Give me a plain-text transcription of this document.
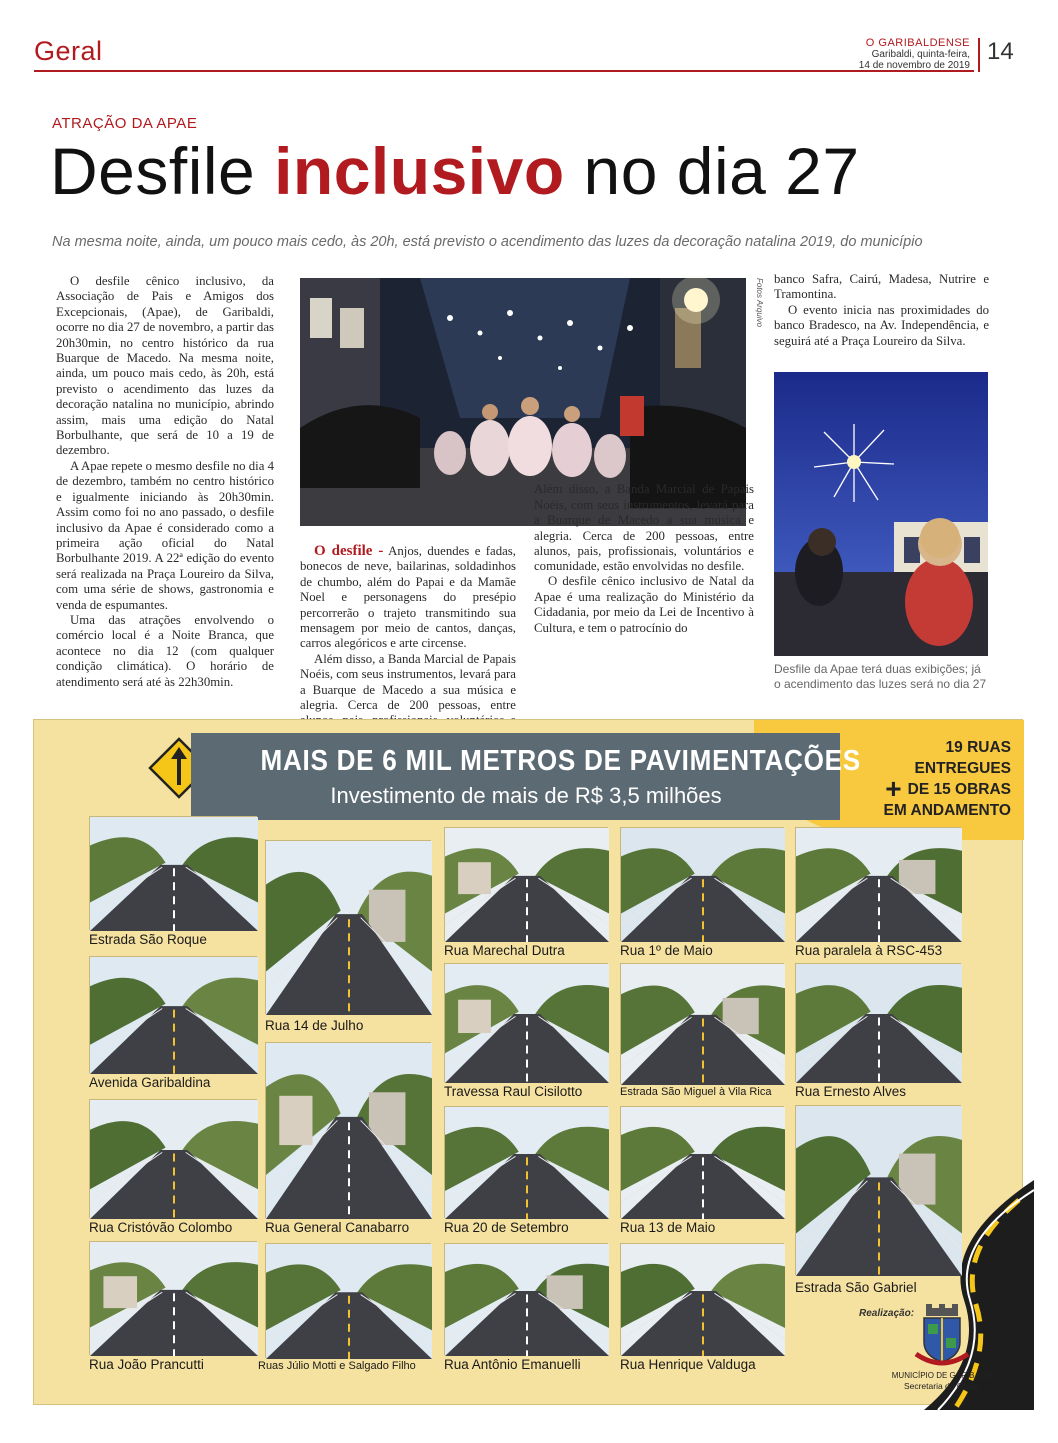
Geral	O GARIBALDENSE
Garibaldi, quinta-feira,
14 de novembro de 2019
14
ATRAÇÃO DA APAE
Desfile inclusivo no dia 27
Na mesma noite, ainda, um pouco mais cedo, às 20h, está previsto o acendimento das luzes da decoração natalina 2019, do município

O desfile cênico inclusivo, da Associação de Pais e Amigos dos Excepcionais, (Apae), de Garibaldi, ocorre no dia 27 de novembro, a partir das 20h30min, no centro histórico da rua Buarque de Macedo. Na mesma noite, ainda, um pouco mais cedo, às 20h, está previsto o acendimento das luzes da decoração natalina no município, abrindo assim, mais uma edição do Natal Borbulhante, que será de 10 a 19 de dezembro.

A Apae repete o mesmo desfile no dia 4 de dezembro, também no centro histórico e igualmente iniciando às 20h30min. Assim como foi no ano passado, o desfile inclusivo da Apae é considerado como a primeira ação oficial do Natal Borbulhante 2019. A 22ª edição do evento será realizada na Praça Loureiro da Silva, com uma série de shows, gastronomia e venda de espumantes.

Uma das atrações envolvendo o comércio local é a Noite Branca, que acontece no dia 12 (com qualquer condição climática). O horário de atendimento será até às 22h30min.

Fotos Arquivo

O desfile - Anjos, duendes e fadas, bonecos de neve, bailarinas, soldadinhos de chumbo, além do Papai e da Mamãe Noel e personagens do presépio percorrerão o trajeto transmitindo sua mensagem por meio de cantos, danças, carros alegóricos e arte circense.

Além disso, a Banda Marcial de Papais Noéis, com seus instrumentos, levará para a Buarque de Macedo a sua música e alegria. Cerca de 200 pessoas, entre

Além disso, a Banda Marcial de Papais Noéis, com seus instrumentos, levará para a Buarque de Macedo a sua música e alegria. Cerca de 200 pessoas, entre alunos, pais, profissionais, voluntários e comunidade, estão envolvidas no desfile.

O desfile cênico inclusivo de Natal da Apae é uma realização do Ministério da Cidadania, por meio da Lei de Incentivo à Cultura, e tem o patrocínio do

banco Safra, Cairú, Madesa, Nutrire e Tramontina.

O evento inicia nas proximidades do banco Bradesco, na Av. Independência, e seguirá até a Praça Loureiro da Silva.

Desfile da Apae terá duas exibições; já o acendimento das luzes será no dia 27
MAIS DE 6 MIL METROS DE PAVIMENTAÇÕES
Investimento de mais de R$ 3,5 milhões
19 RUAS
ENTREGUES
+ DE 15 OBRAS
EM ANDAMENTO
Estrada São Roque
Rua 14 de Julho
Rua Marechal Dutra	Rua 1º de Maio	Rua paralela à RSC-453
Avenida Garibaldina
Travessa Raul Cisilotto	Estrada São Miguel à Vila Rica Rua Ernesto Alves
Rua Cristóvão Colombo Rua General Canabarro	Rua 20 de Setembro	Rua 13 de Maio
Estrada São Gabriel
Rua João Prancutti	Ruas Júlio Motti e Salgado Filho Rua Antônio Emanuelli	Rua Henrique Valduga
Realização:
MUNICÍPIO DE GARIBALDI
Secretaria de Obras
